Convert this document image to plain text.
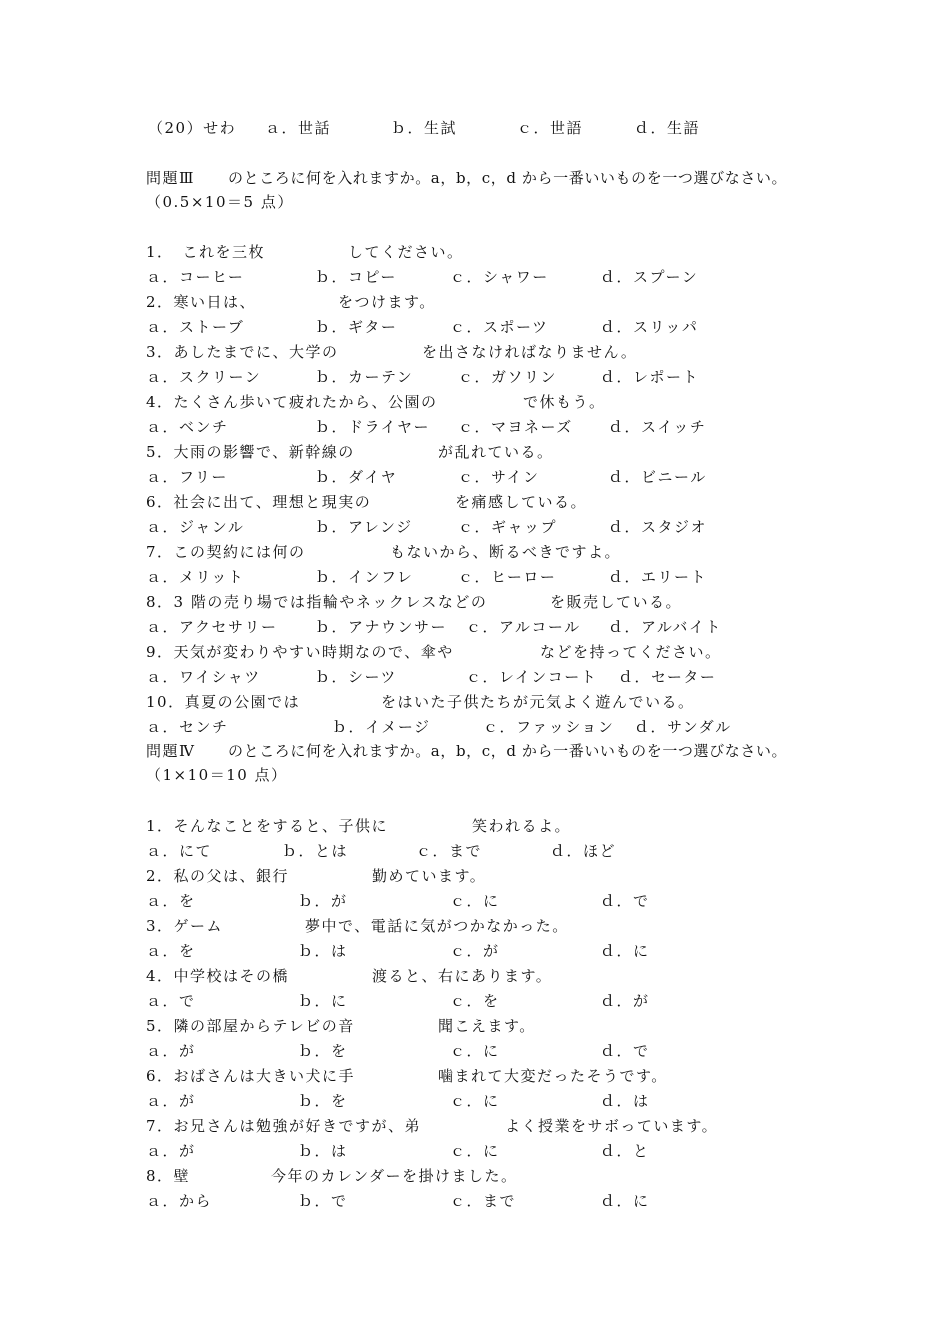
（20）せわ ａ．世話	ｂ．生試	ｃ．世語	ｄ．生語
問題Ⅲ のところに何を入れますか。a，b，c，d から一番いいものを一つ選びなさい。
（0.5×10＝5 点）
1．　これを三枚	してください。
ａ．コーヒー	ｂ．コピー	ｃ．シャワー	ｄ．スプーン
2．寒い日は、	をつけます。
ａ．ストーブ	ｂ．ギター	ｃ．スポーツ	ｄ．スリッパ
3．あしたまでに、大学の	を出さなければなりません。
ａ．スクリーン	ｂ．カーテン	ｃ．ガソリン	ｄ．レポート
4．たくさん歩いて疲れたから、公園の	で休もう。
ａ．ベンチ	ｂ．ドライヤー ｃ．マヨネーズ ｄ．スイッチ
5．大雨の影響で、新幹線の	が乱れている。
ａ．フリー	ｂ．ダイヤ	ｃ．サイン	ｄ．ビニール
6．社会に出て、理想と現実の	を痛感している。
ａ．ジャンル	ｂ．アレンジ	ｃ．ギャップ	ｄ．スタジオ
7．この契約には何の	もないから、断るべきですよ。
ａ．メリット	ｂ．インフレ	ｃ．ヒーロー	ｄ．エリート
8．3 階の売り場では指輪やネックレスなどの	を販売している。
ａ．アクセサリー ｂ．アナウンサー ｃ．アルコール ｄ．アルバイト
9．天気が変わりやすい時期なので、傘や	などを持ってください。
ａ．ワイシャツ	ｂ．シーツ	ｃ．レインコート ｄ．セーター
10．真夏の公園では	をはいた子供たちが元気よく遊んでいる。
ａ．センチ	ｂ．イメージ	ｃ．ファッション ｄ．サンダル
問題Ⅳ のところに何を入れますか。a，b，c，d から一番いいものを一つ選びなさい。
（1×10＝10 点）
1．そんなことをすると、子供に	笑われるよ。
ａ．にて	ｂ．とは	ｃ．まで	ｄ．ほど
2．私の父は、銀行	勤めています。
ａ．を	ｂ．が	ｃ．に	ｄ．で
3．ゲーム	夢中で、電話に気がつかなかった。
ａ．を	ｂ．は	ｃ．が	ｄ．に
4．中学校はその橋	渡ると、右にあります。
ａ．で	ｂ．に	ｃ．を	ｄ．が
5．隣の部屋からテレビの音	聞こえます。
ａ．が	ｂ．を	ｃ．に	ｄ．で
6．おばさんは大きい犬に手	噛まれて大変だったそうです。
ａ．が	ｂ．を	ｃ．に	ｄ．は
7．お兄さんは勉強が好きですが、弟	よく授業をサボっています。
ａ．が	ｂ．は	ｃ．に	ｄ．と
8．壁	今年のカレンダーを掛けました。
ａ．から	ｂ．で	ｃ．まで	ｄ．に
